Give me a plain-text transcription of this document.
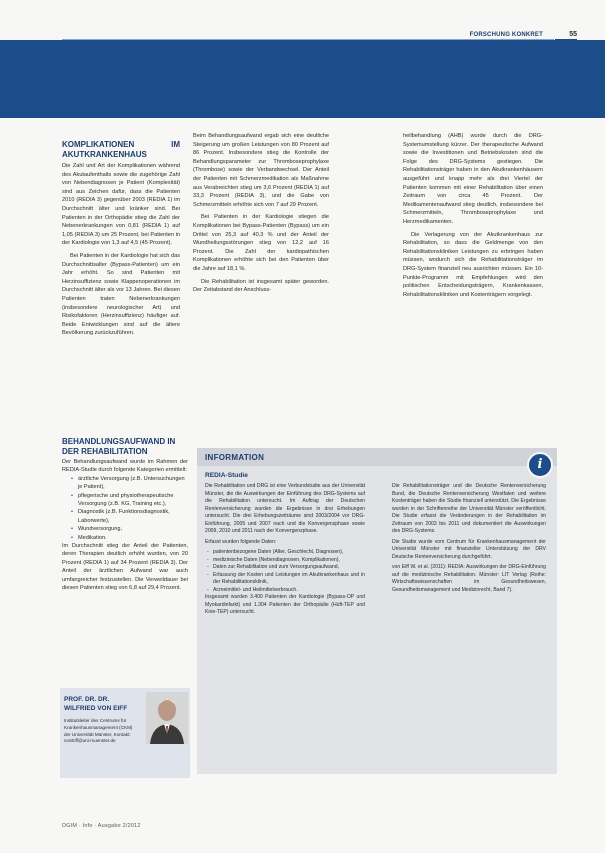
FORSCHUNG KONKRET	55
KOMPLIKATIONEN IM AKUTKRANKENHAUS

Die Zahl und Art der Komplikationen während des Akutaufenthalts sowie die zugehörige Zahl von Nebendiagnosen je Patient (Komplexität) sind aus Zeichen dafür, dass die Patienten 2010 (REDIA 3) gegenüber 2003 (REDIA 1) im Durchschnitt älter und kränker sind. Bei Patienten in der Orthopädie stieg die Zahl der Nebenerkrankungen von 0,81 (REDIA 1) auf 1,05 (REDIA 3) um 25 Prozent, bei Patienten in der Kardiologie von 1,3 auf 4,5 (45 Prozent).

Bei Patienten in der Kardiologie hat sich das Durchschnittsalter (Bypass-Patienten) um ein Jahr erhöht. So sind Patienten mit Herzinsuffizienz sowie Klappenoperationen im Durchschnitt älter als vor 13 Jahren. Bei diesen Patienten traten Nebenerkrankungen (insbesondere neurologischer Art) und Risikofaktoren (Herzinsuffizienz) häufiger auf. Beide Entwicklungen sind auf die ältere Bevölkerung zurückzuführen.

Beim Behandlungsaufwand ergab sich eine deutliche Steigerung um großen Leistungen von 80 Prozent auf 86 Prozent. Insbesondere stieg die Kontrolle der Behandlungsparameter zur Thromboseprophylaxe (Thrombose) sowie der Verbandwechsel. Der Anteil der Patienten mit Schmerzmedikation als Maßnahme aus Verabreichten stieg um 3,6 Prozent (REDIA 1) auf 33,3 Prozent (REDIA 3), und die Gabe von Schmerzmitteln erhöhte sich von 7 auf 29 Prozent.

Bei Patienten in der Kardiologie stiegen die Komplikationen bei Bypass-Patienten (Bypass) um ein Drittel von 25,3 auf 40,3 % und der Anteil der Wundheilungsstörungen stieg von 12,2 auf 16 Prozent. Die Zahl der kardiopathischen Komplikationen erhöhte sich bei den Patienten über die Jahre auf 18,1 %.

Die Rehabilitation ist insgesamt später geworden. Der Zeitabstand der Anschluss-

heilbehandlung (AHB) wurde durch die DRG-Systemumstellung kürzer. Der therapeutische Aufwand sowie die Investitionen und Betriebskosten sind die Folge des DRG-Systems gestiegen. Die Rehabilitationsträger haben in den Akutkrankenhäusern ausgeführt und knapp mehr als drei Viertel der Patienten kommen mit einer Rehabilitation über einen Zeitraum von circa 45 Prozent. Der Medikamentenaufwand stieg deutlich, insbesondere bei Schmerzmitteln, Thromboseprophylaxe und Herzmedikamenten.

Die Verlagerung von der Akutkrankenhaus zur Rehabilitation, so dass die Geldmenge von den Rehabilitationskliniken Leistungen zu erbringen haben müssen, wodurch sich die Rehabilitationsträger im DRG-System finanziell neu ausrichten müssen. Ein 10-Punkte-Programm mit Empfehlungen wird den politischen Entscheidungsträgern, Krankenkassen, Rehabilitationskliniken und Kostenträgern vorgelegt.

BEHANDLUNGSAUFWAND IN DER REHABILITATION

Der Behandlungsaufwand wurde im Rahmen der REDIA-Studie durch folgende Kategorien ermittelt:

• ärztliche Versorgung (z.B. Untersuchungen je Patient),
• pflegerische und physiotherapeutische Versorgung (z.B. KG, Training etc.),
• Diagnostik (z.B. Funktionsdiagnostik, Laborwerte),
• Wundversorgung,
• Medikation.

Im Durchschnitt stieg der Anteil der Patienten, deren Therapien deutlich erhöht wurden, von 20 Prozent (REDIA 1) auf 34 Prozent (REDIA 3). Der Anteil der ärztlichen Aufwand war auch umfangreicher festzustellen. Die Verweildauer bei diesen Patienten stieg von 6,8 auf 29,4 Prozent.

INFORMATION	i
REDIA-Studie

Die Rehabilitation und DRG ist eine Verbundstudie aus der Universität Münster, die die Auswirkungen der Einführung des DRG-Systems auf die Rehabilitation untersucht. Im Auftrag der Deutschen Rentenversicherung wurden die Ergebnisse in drei Erhebungen untersucht. Die drei Erhebungszeiträume sind 2003/2004 vor DRG-Einführung, 2005 und 2007 nach und die Konvergenzphase sowie 2009, 2010 und 2011 nach der Konvergenzphase.

Erfasst wurden folgende Daten:

- patientenbezogene Daten (Alter, Geschlecht, Diagnosen),
- medizinische Daten (Nebendiagnosen, Komplikationen),
- Daten zur Rehabilitation und zum Versorgungsaufwand,
- Erfassung der Kosten und Leistungen im Akutkrankenhaus und in der Rehabilitationsklinik,
- Arzneimittel- und Heilmittelverbrauch.

Insgesamt wurden 3.400 Patienten der Kardiologie (Bypass-OP und Myokardinfarkt) und 1.304 Patienten der Orthopädie (Hüft-TEP und Knie-TEP) untersucht.

Die Rehabilitationsträger und die Deutsche Rentenversicherung Bund, die Deutsche Rentenversicherung Westfalen und weitere Kostenträger haben die Studie finanziell unterstützt. Die Ergebnisse wurden in der Schriftenreihe der Universität Münster veröffentlicht. Die Studie erfasst die Veränderungen in der Rehabilitation im Zeitraum von 2003 bis 2011 und dokumentiert die Auswirkungen des DRG-Systems.

Die Studie wurde vom Centrum für Krankenhausmanagement der Universität Münster mit finanzieller Unterstützung der DRV Deutsche Rentenversicherung durchgeführt.

von Eiff W. et al. (2011): REDIA: Auswirkungen der DRG-Einführung auf die medizinische Rehabilitation. Münster: LIT Verlag (Reihe: Wirtschaftswissenschaften im Gesundheitswesen, Gesundheitsmanagement und Medizinrecht, Band 7).

PROF. DR. DR. WILFRIED VON EIFF
Institutsleiter des Centrums für Krankenhausmanagement (CKM) der Universität Münster, Kontakt: vonEiff@uni-muenster.de
DGIM · Info · Ausgabe 2/2012
